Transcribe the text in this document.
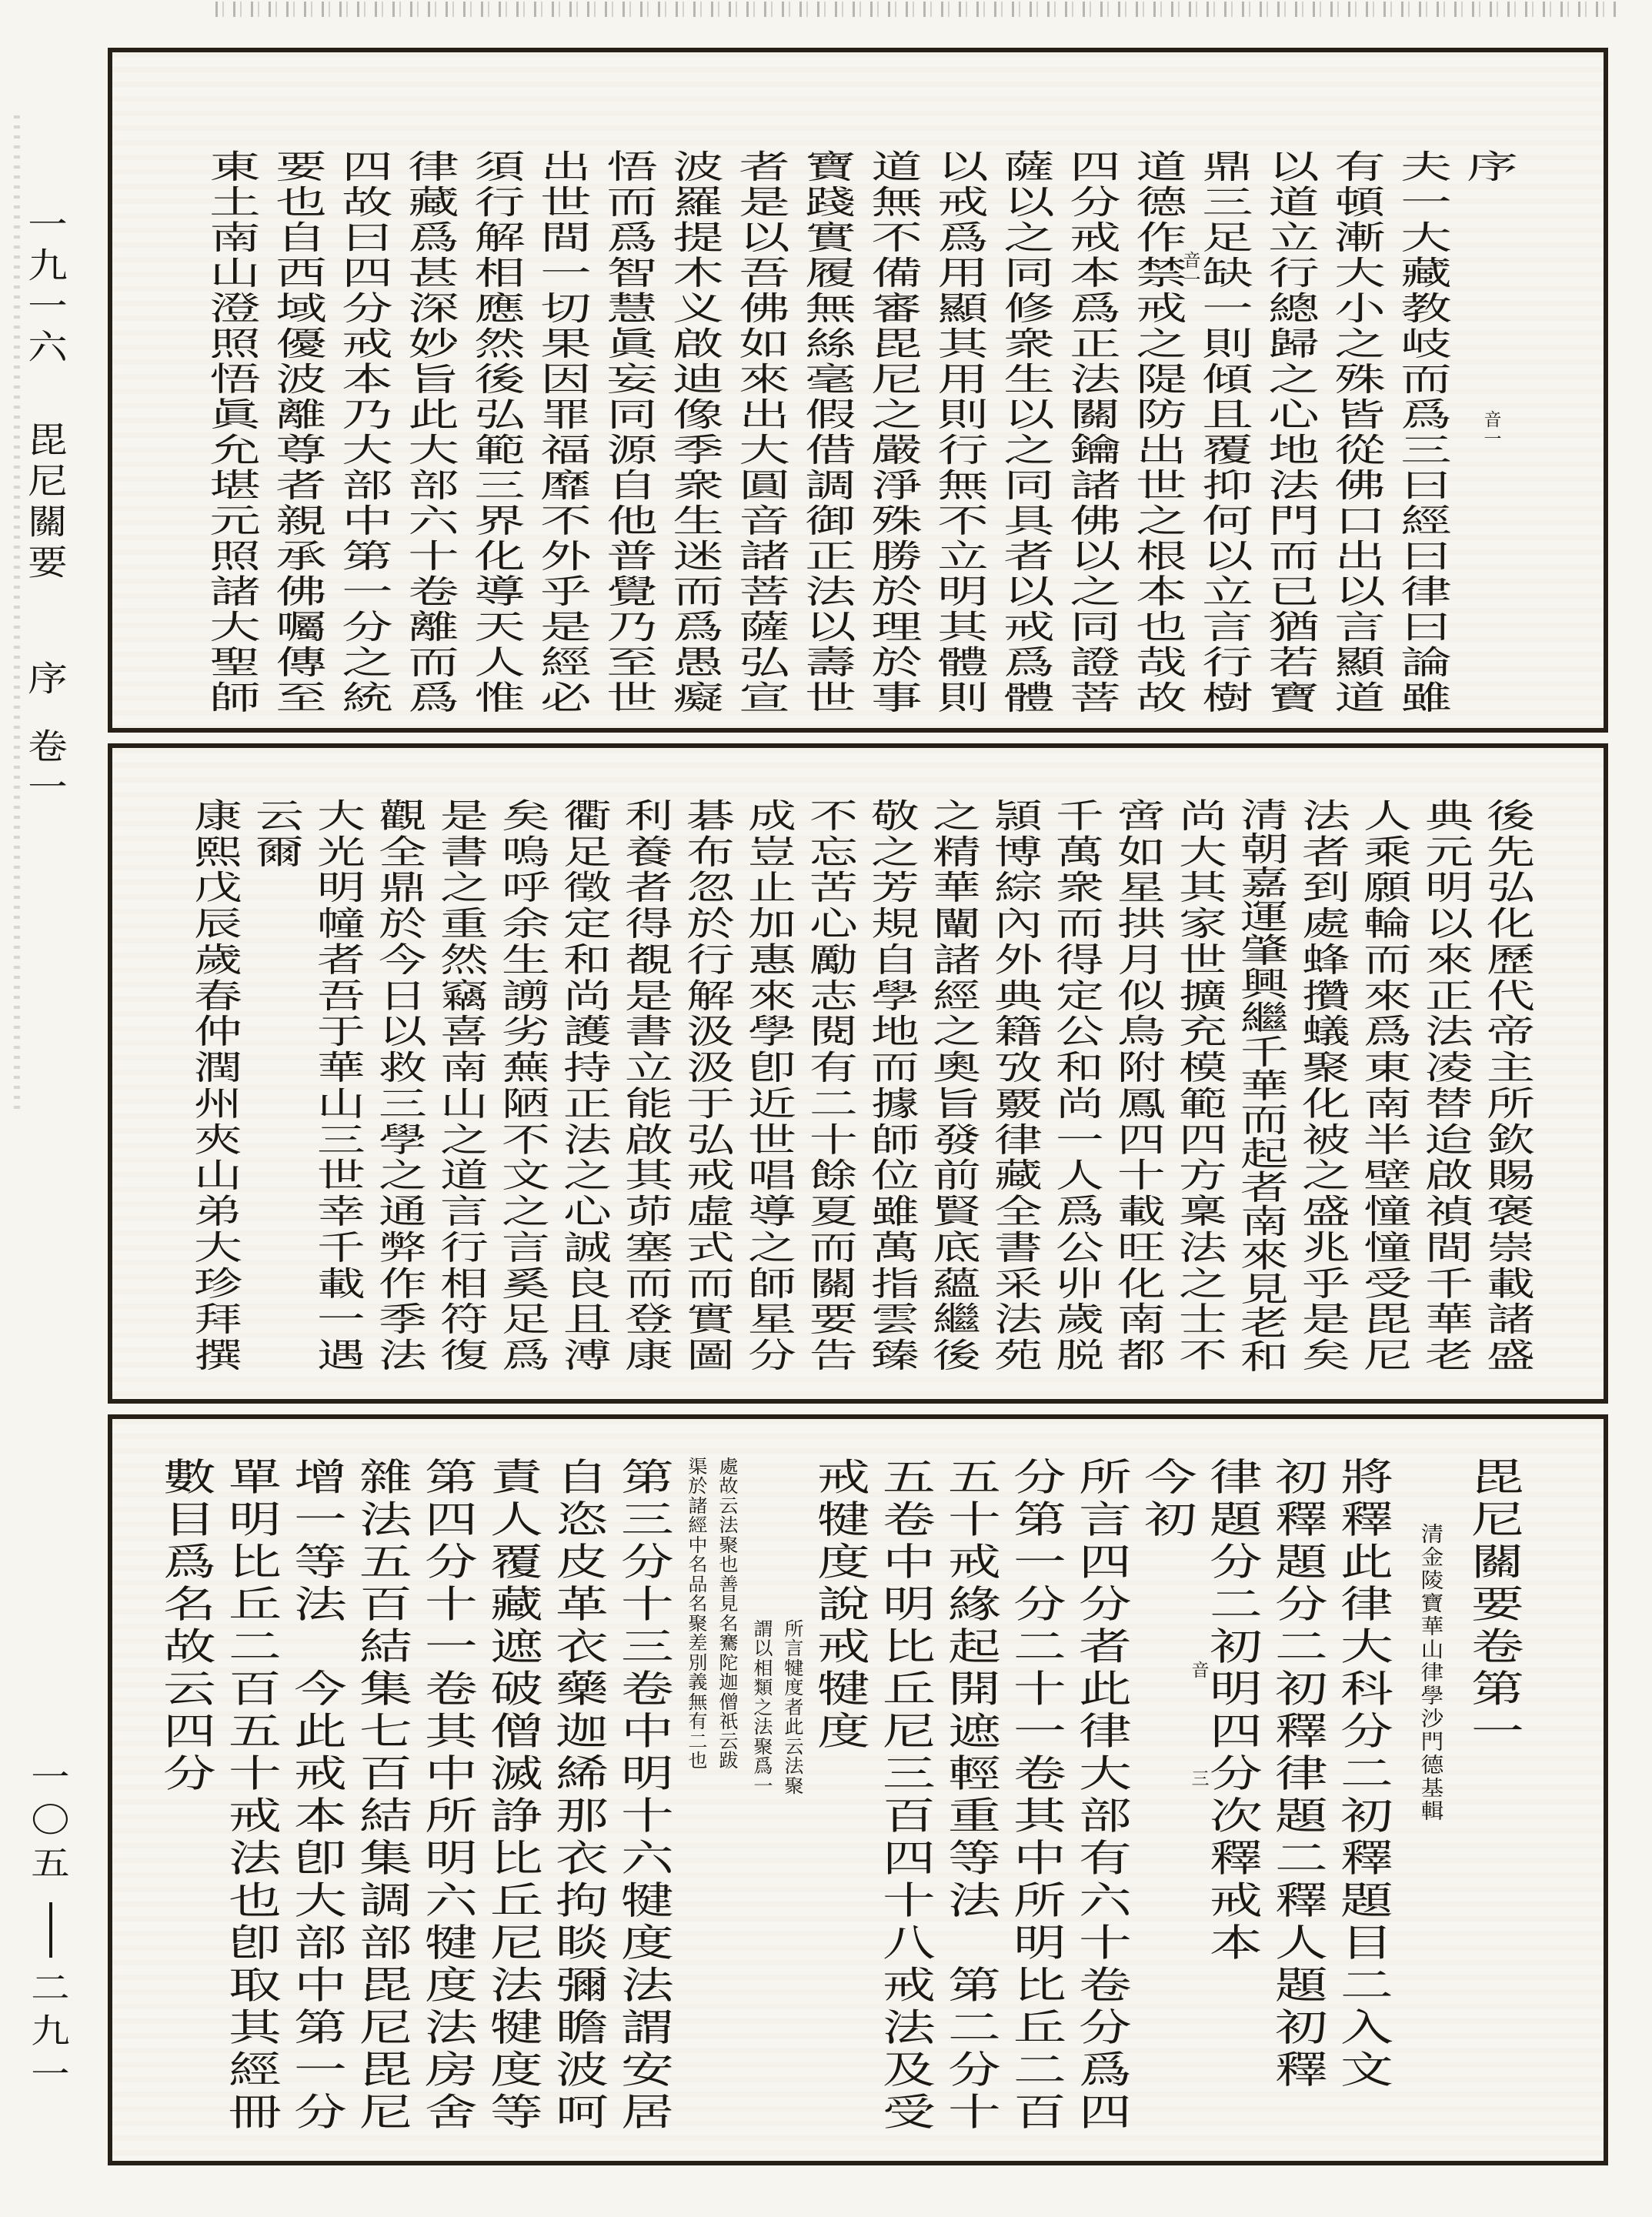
序
音
一
夫
一
大
藏
教
岐
而
爲
三
曰
經
曰
律
曰
論
雖
有
頓
漸
大
小
之
殊
皆
從
佛
口
出
以
言
顯
道
以
道
立
行
總
歸
之
心
地
法
門
而
已
猶
若
寶
鼎
三
足
缺
一
則
傾
且
覆
抑
何
以
立
言
行
樹
音
一
道
德
作
禁
戒
之
隄
防
出
世
之
根
本
也
哉
故
四
分
戒
本
爲
正
法
關
鑰
諸
佛
以
之
同
證
菩
薩
以
之
同
修
衆
生
以
之
同
具
者
以
戒
爲
體
以
戒
爲
用
顯
其
用
則
行
無
不
立
明
其
體
則
道
無
不
備
審
毘
尼
之
嚴
淨
殊
勝
於
理
於
事
寶
踐
實
履
無
絲
毫
假
借
調
御
正
法
以
壽
世
者
是
以
吾
佛
如
來
出
大
圓
音
諸
菩
薩
弘
宣
波
羅
提
木
义
啟
迪
像
季
衆
生
迷
而
爲
愚
癡
悟
而
爲
智
慧
眞
妄
同
源
自
他
普
覺
乃
至
世
出
世
間
一
切
果
因
罪
福
靡
不
外
乎
是
經
必
須
行
解
相
應
然
後
弘
範
三
界
化
導
天
人
惟
律
藏
爲
甚
深
妙
旨
此
大
部
六
十
卷
離
而
爲
四
故
曰
四
分
戒
本
乃
大
部
中
第
一
分
之
統
要
也
自
西
域
優
波
離
尊
者
親
承
佛
囑
傳
至
東
土
南
山
澄
照
悟
眞
允
堪
元
照
諸
大
聖
師
後
先
弘
化
歷
代
帝
主
所
欽
賜
褒
崇
載
諸
盛
典
元
明
以
來
正
法
凌
替
迨
啟
禎
間
千
華
老
人
乘
願
輪
而
來
爲
東
南
半
壁
憧
憧
受
毘
尼
法
者
到
處
蜂
攢
蟻
聚
化
被
之
盛
兆
乎
是
矣
清
朝
嘉
運
肇
興
繼
千
華
而
起
者
南
來
見
老
和
尚
大
其
家
世
擴
充
模
範
四
方
稟
法
之
士
不
啻
如
星
拱
月
似
鳥
附
鳳
四
十
載
旺
化
南
都
千
萬
衆
而
得
定
公
和
尚
一
人
爲
公
丱
歲
脱
頴
博
綜
內
外
典
籍
攷
覈
律
藏
全
書
采
法
苑
之
精
華
闡
諸
經
之
奧
旨
發
前
賢
底
蘊
繼
後
敬
之
芳
規
自
學
地
而
據
師
位
雖
萬
指
雲
臻
不
忘
苦
心
勵
志
閱
有
二
十
餘
夏
而
關
要
告
成
豈
止
加
惠
來
學
卽
近
世
唱
導
之
師
星
分
碁
布
忽
於
行
解
汲
汲
于
弘
戒
虛
式
而
實
圖
利
養
者
得
覩
是
書
立
能
啟
其
茆
塞
而
登
康
衢
足
徵
定
和
尚
護
持
正
法
之
心
誠
良
且
溥
矣
嗚
呼
余
生
謭
劣
蕪
陋
不
文
之
言
奚
足
爲
是
書
之
重
然
竊
喜
南
山
之
道
言
行
相
符
復
觀
全
鼎
於
今
日
以
救
三
學
之
通
弊
作
季
法
大
光
明
幢
者
吾
于
華
山
三
世
幸
千
載
一
遇
云
爾
康
熙
戊
辰
歲
春
仲
潤
州
夾
山
弟
大
珍
拜
撰
毘
尼
關
要
卷
第
一
清
金
陵
寶
華
山
律
學
沙
門
德
基
輯
將
釋
此
律
大
科
分
二
初
釋
題
目
二
入
文
初
釋
題
分
二
初
釋
律
題
二
釋
人
題
初
釋
律
題
分
二
初
明
四
分
次
釋
戒
本
音
三
今
初
所
言
四
分
者
此
律
大
部
有
六
十
卷
分
爲
四
分
第
一
分
二
十
一
卷
其
中
所
明
比
丘
二
百
五
十
戒
緣
起
開
遮
輕
重
等
法
第
二
分
十
五
卷
中
明
比
丘
尼
三
百
四
十
八
戒
法
及
受
戒
犍
度
說
戒
犍
度
所
言
犍
度
者
此
云
法
聚
謂
以
相
類
之
法
聚
爲
一
處
故
云
法
聚
也
善
見
名
騫
陀
迦
僧
祇
云
跋
渠
於
諸
經
中
名
品
名
聚
差
別
義
無
有
二
也
第
三
分
十
三
卷
中
明
十
六
犍
度
法
謂
安
居
自
恣
皮
革
衣
藥
迦
絺
那
衣
拘
睒
彌
瞻
波
呵
責
人
覆
藏
遮
破
僧
滅
諍
比
丘
尼
法
犍
度
等
第
四
分
十
一
卷
其
中
所
明
六
犍
度
法
房
舍
雜
法
五
百
結
集
七
百
結
集
調
部
毘
尼
毘
尼
增
一
等
法
今
此
戒
本
卽
大
部
中
第
一
分
單
明
比
丘
二
百
五
十
戒
法
也
卽
取
其
經
冊
數
目
爲
名
故
云
四
分
一
九
一
六
毘
尼
關
要
序
卷
一
一
〇
五
二
九
一
